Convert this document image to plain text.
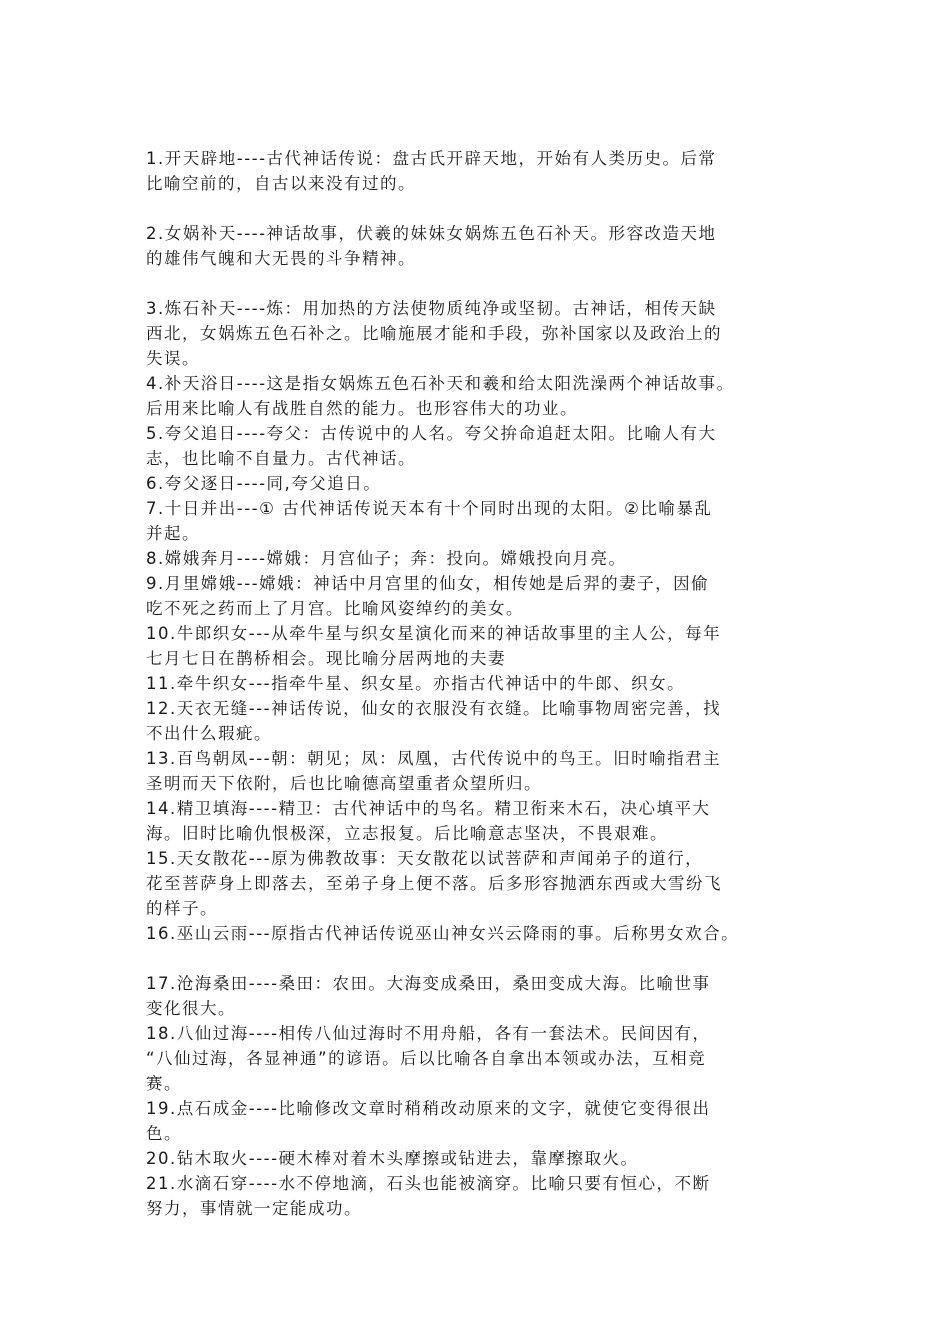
1.开天辟地----古代神话传说：盘古氏开辟天地，开始有人类历史。后常
比喻空前的，自古以来没有过的。

2.女娲补天----神话故事，伏羲的妹妹女娲炼五色石补天。形容改造天地
的雄伟气魄和大无畏的斗争精神。

3.炼石补天----炼：用加热的方法使物质纯净或坚韧。古神话，相传天缺
西北，女娲炼五色石补之。比喻施展才能和手段，弥补国家以及政治上的
失误。

4.补天浴日----这是指女娲炼五色石补天和羲和给太阳洗澡两个神话故事。
后用来比喻人有战胜自然的能力。也形容伟大的功业。

5.夸父追日----夸父：古传说中的人名。夸父拚命追赶太阳。比喻人有大
志，也比喻不自量力。古代神话。

6.夸父逐日----同,夸父追日。

7.十日并出---① 古代神话传说天本有十个同时出现的太阳。②比喻暴乱
并起。

8.嫦娥奔月----嫦娥：月宫仙子；奔：投向。嫦娥投向月亮。

9.月里嫦娥---嫦娥：神话中月宫里的仙女，相传她是后羿的妻子，因偷
吃不死之药而上了月宫。比喻风姿绰约的美女。

10.牛郎织女---从牵牛星与织女星演化而来的神话故事里的主人公，每年
七月七日在鹊桥相会。现比喻分居两地的夫妻

11.牵牛织女---指牵牛星、织女星。亦指古代神话中的牛郎、织女。

12.天衣无缝---神话传说，仙女的衣服没有衣缝。比喻事物周密完善，找
不出什么瑕疵。

13.百鸟朝凤---朝：朝见；凤：凤凰，古代传说中的鸟王。旧时喻指君主
圣明而天下依附，后也比喻德高望重者众望所归。

14.精卫填海----精卫：古代神话中的鸟名。精卫衔来木石，决心填平大
海。旧时比喻仇恨极深，立志报复。后比喻意志坚决，不畏艰难。

15.天女散花---原为佛教故事：天女散花以试菩萨和声闻弟子的道行，
花至菩萨身上即落去，至弟子身上便不落。后多形容抛洒东西或大雪纷飞
的样子。

16.巫山云雨---原指古代神话传说巫山神女兴云降雨的事。后称男女欢合。

17.沧海桑田----桑田：农田。大海变成桑田，桑田变成大海。比喻世事
变化很大。

18.八仙过海----相传八仙过海时不用舟船，各有一套法术。民间因有，
“八仙过海，各显神通”的谚语。后以比喻各自拿出本领或办法，互相竞
赛。

19.点石成金----比喻修改文章时稍稍改动原来的文字，就使它变得很出
色。

20.钻木取火----硬木棒对着木头摩擦或钻进去，靠摩擦取火。

21.水滴石穿----水不停地滴，石头也能被滴穿。比喻只要有恒心，不断
努力，事情就一定能成功。
